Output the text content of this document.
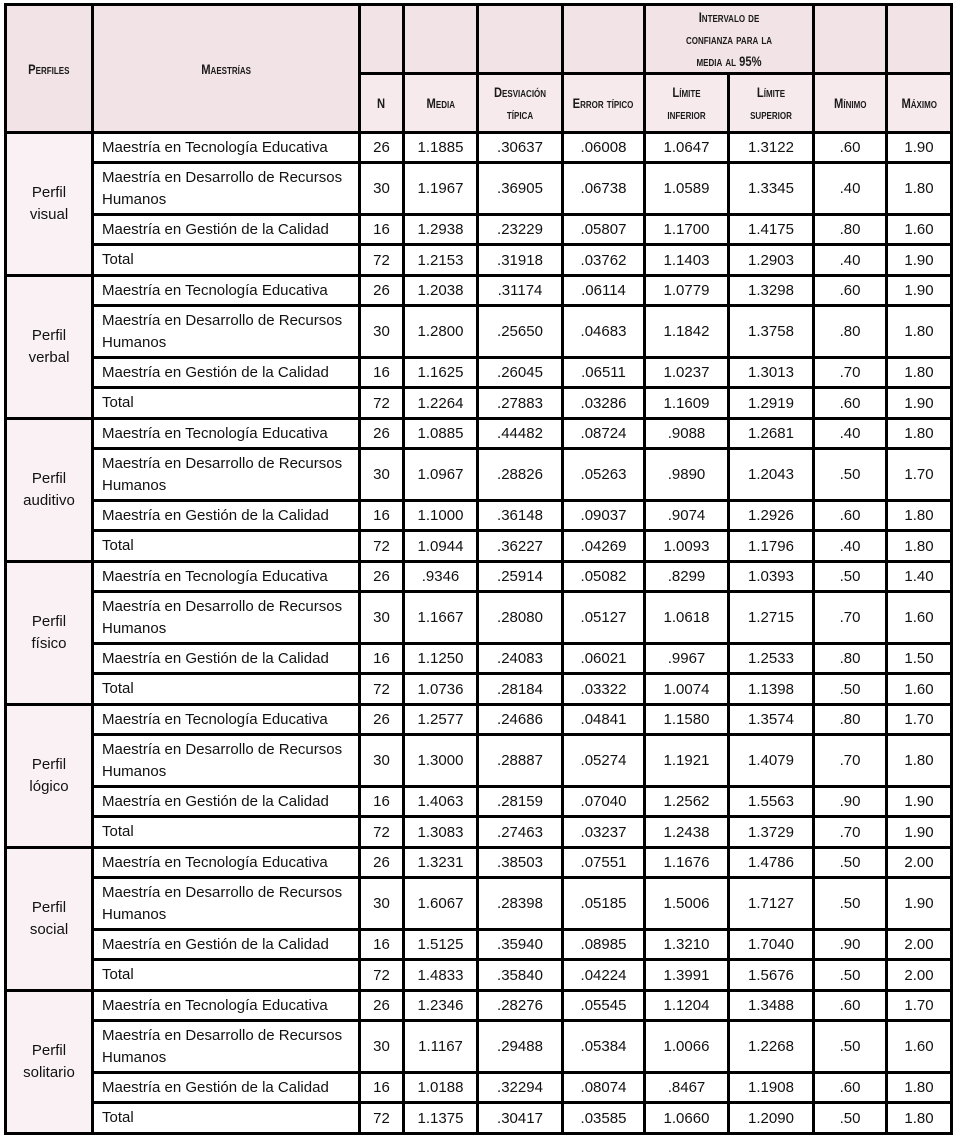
Perfiles	Maestrías					Intervalo de confianza para la media al 95%			
		N	Media	Desviación típica	Error típico	Límite inferior	Límite superior	Mínimo	Máximo
Perfil visual	Maestría en Tecnología Educativa	26	1.1885	.30637	.06008	1.0647	1.3122	.60	1.90
	Maestría en Desarrollo de Recursos Humanos	30	1.1967	.36905	.06738	1.0589	1.3345	.40	1.80
	Maestría en Gestión de la Calidad	16	1.2938	.23229	.05807	1.1700	1.4175	.80	1.60
	Total	72	1.2153	.31918	.03762	1.1403	1.2903	.40	1.90
Perfil verbal	Maestría en Tecnología Educativa	26	1.2038	.31174	.06114	1.0779	1.3298	.60	1.90
	Maestría en Desarrollo de Recursos Humanos	30	1.2800	.25650	.04683	1.1842	1.3758	.80	1.80
	Maestría en Gestión de la Calidad	16	1.1625	.26045	.06511	1.0237	1.3013	.70	1.80
	Total	72	1.2264	.27883	.03286	1.1609	1.2919	.60	1.90
Perfil auditivo	Maestría en Tecnología Educativa	26	1.0885	.44482	.08724	.9088	1.2681	.40	1.80
	Maestría en Desarrollo de Recursos Humanos	30	1.0967	.28826	.05263	.9890	1.2043	.50	1.70
	Maestría en Gestión de la Calidad	16	1.1000	.36148	.09037	.9074	1.2926	.60	1.80
	Total	72	1.0944	.36227	.04269	1.0093	1.1796	.40	1.80
Perfil físico	Maestría en Tecnología Educativa	26	.9346	.25914	.05082	.8299	1.0393	.50	1.40
	Maestría en Desarrollo de Recursos Humanos	30	1.1667	.28080	.05127	1.0618	1.2715	.70	1.60
	Maestría en Gestión de la Calidad	16	1.1250	.24083	.06021	.9967	1.2533	.80	1.50
	Total	72	1.0736	.28184	.03322	1.0074	1.1398	.50	1.60
Perfil lógico	Maestría en Tecnología Educativa	26	1.2577	.24686	.04841	1.1580	1.3574	.80	1.70
	Maestría en Desarrollo de Recursos Humanos	30	1.3000	.28887	.05274	1.1921	1.4079	.70	1.80
	Maestría en Gestión de la Calidad	16	1.4063	.28159	.07040	1.2562	1.5563	.90	1.90
	Total	72	1.3083	.27463	.03237	1.2438	1.3729	.70	1.90
Perfil social	Maestría en Tecnología Educativa	26	1.3231	.38503	.07551	1.1676	1.4786	.50	2.00
	Maestría en Desarrollo de Recursos Humanos	30	1.6067	.28398	.05185	1.5006	1.7127	.50	1.90
	Maestría en Gestión de la Calidad	16	1.5125	.35940	.08985	1.3210	1.7040	.90	2.00
	Total	72	1.4833	.35840	.04224	1.3991	1.5676	.50	2.00
Perfil solitario	Maestría en Tecnología Educativa	26	1.2346	.28276	.05545	1.1204	1.3488	.60	1.70
	Maestría en Desarrollo de Recursos Humanos	30	1.1167	.29488	.05384	1.0066	1.2268	.50	1.60
	Maestría en Gestión de la Calidad	16	1.0188	.32294	.08074	.8467	1.1908	.60	1.80
	Total	72	1.1375	.30417	.03585	1.0660	1.2090	.50	1.80
